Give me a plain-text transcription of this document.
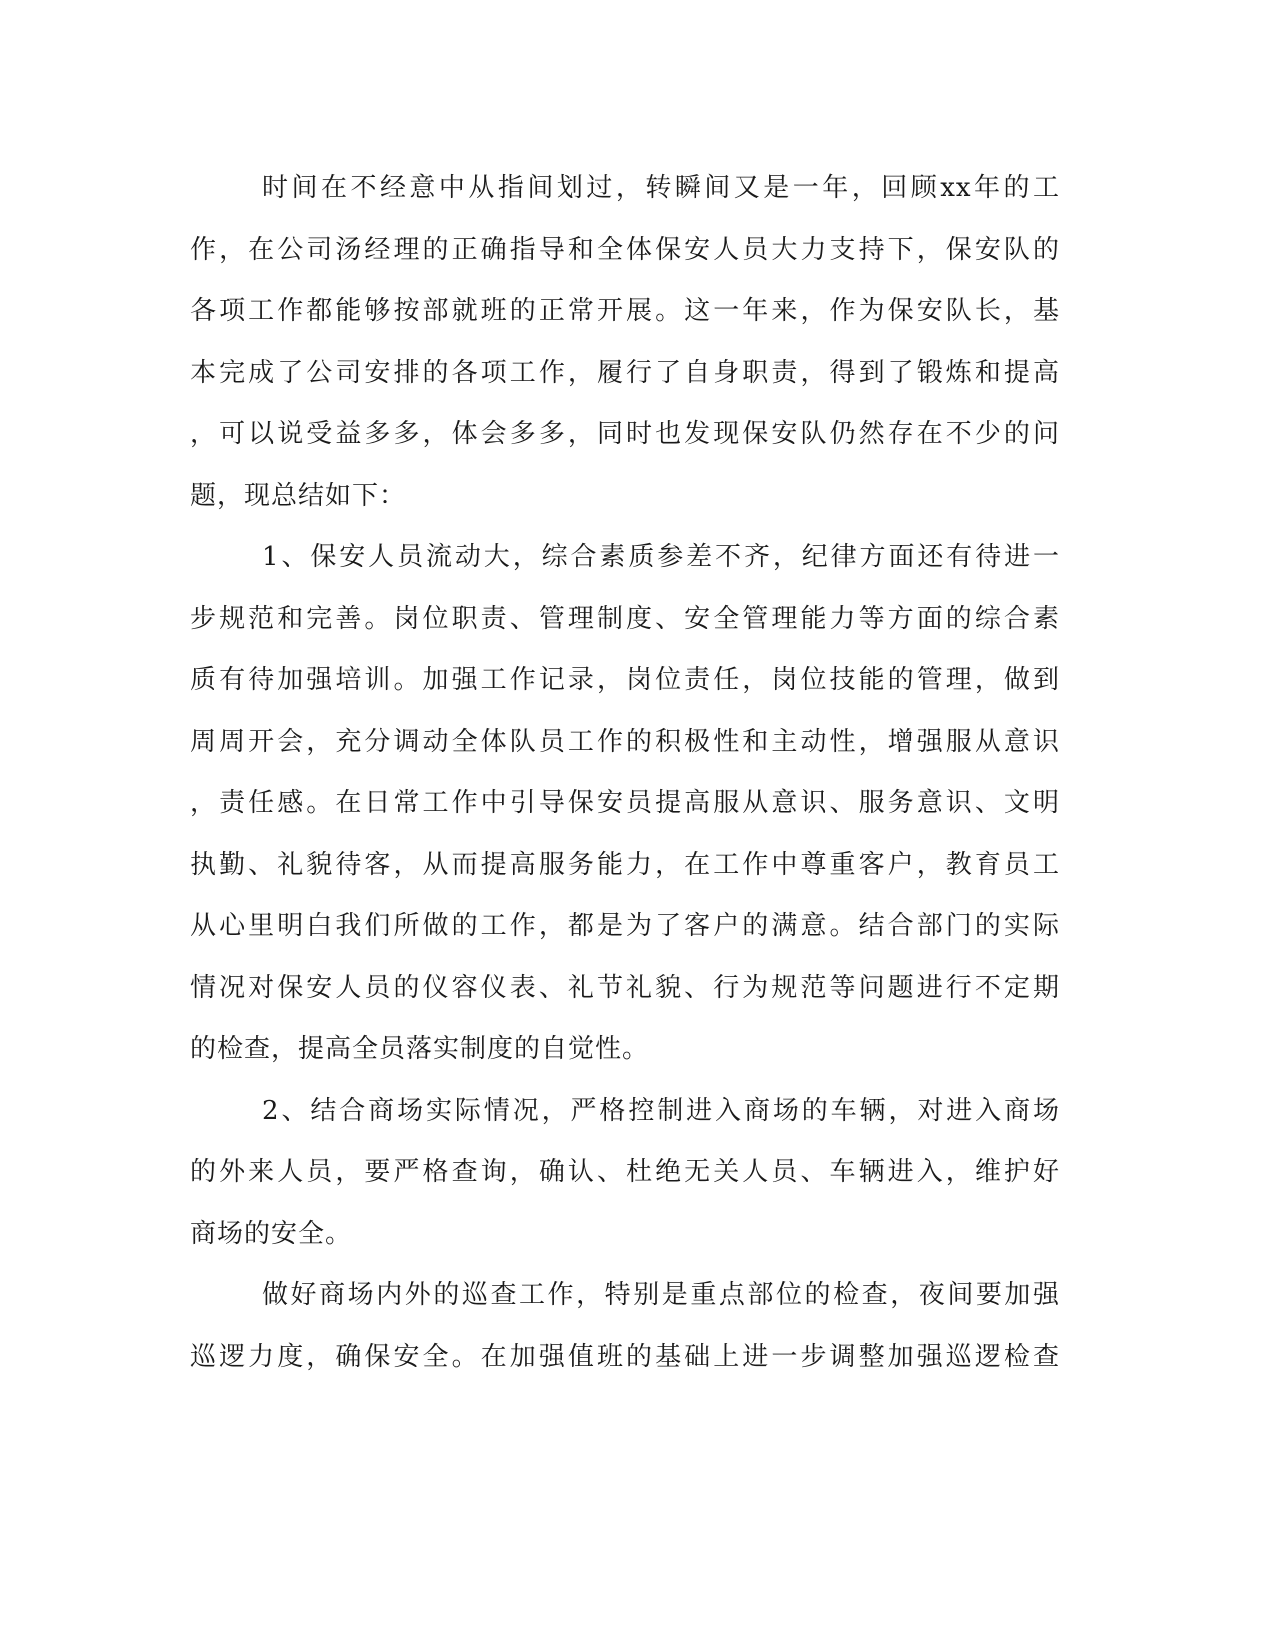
时间在不经意中从指间划过，转瞬间又是一年，回顾xx年的工
作，在公司汤经理的正确指导和全体保安人员大力支持下，保安队的
各项工作都能够按部就班的正常开展。这一年来，作为保安队长，基
本完成了公司安排的各项工作，履行了自身职责，得到了锻炼和提高
，可以说受益多多，体会多多，同时也发现保安队仍然存在不少的问
题，现总结如下：
1、保安人员流动大，综合素质参差不齐，纪律方面还有待进一
步规范和完善。岗位职责、管理制度、安全管理能力等方面的综合素
质有待加强培训。加强工作记录，岗位责任，岗位技能的管理，做到
周周开会，充分调动全体队员工作的积极性和主动性，增强服从意识
，责任感。在日常工作中引导保安员提高服从意识、服务意识、文明
执勤、礼貌待客，从而提高服务能力，在工作中尊重客户，教育员工
从心里明白我们所做的工作，都是为了客户的满意。结合部门的实际
情况对保安人员的仪容仪表、礼节礼貌、行为规范等问题进行不定期
的检查，提高全员落实制度的自觉性。
2、结合商场实际情况，严格控制进入商场的车辆，对进入商场
的外来人员，要严格查询，确认、杜绝无关人员、车辆进入，维护好
商场的安全。
做好商场内外的巡查工作，特别是重点部位的检查，夜间要加强
巡逻力度，确保安全。在加强值班的基础上进一步调整加强巡逻检查
